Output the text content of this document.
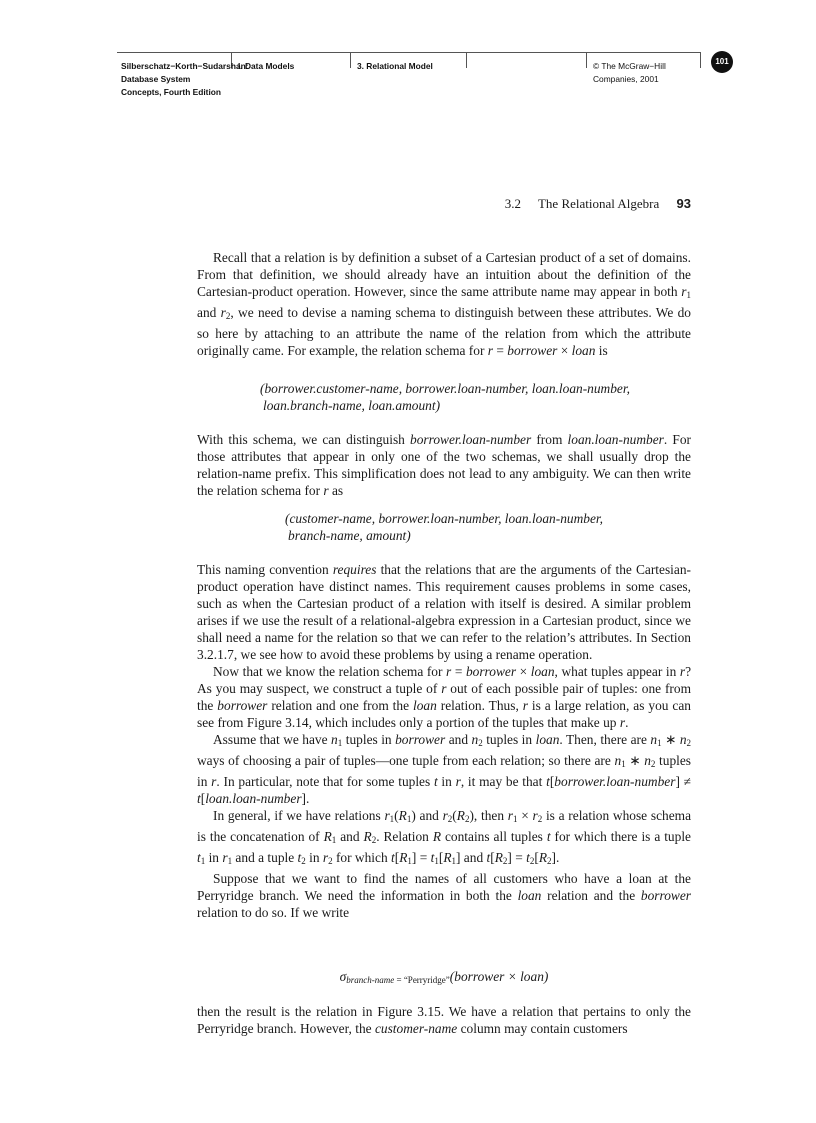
Silberschatz−Korth−Sudarshan:
Database System
Concepts, Fourth Edition
I. Data Models	3. Relational Model	© The McGraw−Hill
Companies, 2001
101
3.2 The Relational Algebra 93

Recall that a relation is by definition a subset of a Cartesian product of a set of domains. From that definition, we should already have an intuition about the definition of the Cartesian-product operation. However, since the same attribute name may appear in both $r_1$ and $r_2$, we need to devise a naming schema to distinguish between these attributes. We do so here by attaching to an attribute the name of the relation from which the attribute originally came. For example, the relation schema for r = borrower × loan is

(borrower.customer-name, borrower.loan-number, loan.loan-number,
loan.branch-name, loan.amount)

With this schema, we can distinguish borrower.loan-number from loan.loan-number. For those attributes that appear in only one of the two schemas, we shall usually drop the relation-name prefix. This simplification does not lead to any ambiguity. We can then write the relation schema for r as

(customer-name, borrower.loan-number, loan.loan-number,
branch-name, amount)

This naming convention requires that the relations that are the arguments of the Cartesian-product operation have distinct names. This requirement causes problems in some cases, such as when the Cartesian product of a relation with itself is desired. A similar problem arises if we use the result of a relational-algebra expression in a Cartesian product, since we shall need a name for the relation so that we can refer to the relation’s attributes. In Section 3.2.1.7, we see how to avoid these problems by using a rename operation.

Now that we know the relation schema for r = borrower × loan, what tuples appear in r? As you may suspect, we construct a tuple of r out of each possible pair of tuples: one from the borrower relation and one from the loan relation. Thus, r is a large relation, as you can see from Figure 3.14, which includes only a portion of the tuples that make up r.

Assume that we have $n_1$ tuples in borrower and $n_2$ tuples in loan. Then, there are $n_1$ ∗ $n_2$ ways of choosing a pair of tuples—one tuple from each relation; so there are $n_1$ ∗ $n_2$ tuples in r. In particular, note that for some tuples t in r, it may be that t[borrower.loan-number] ≠ t[loan.loan-number].

In general, if we have relations $r_1(R_1)$ and $r_2(R_2)$, then $r_1 \times r_2$ is a relation whose schema is the concatenation of $R_1$ and $R_2$. Relation R contains all tuples t for which there is a tuple $t_1$ in $r_1$ and a tuple $t_2$ in $r_2$ for which $t[R_1] = t_1[R_1]$ and $t[R_2] = t_2[R_2]$.

Suppose that we want to find the names of all customers who have a loan at the Perryridge branch. We need the information in both the loan relation and the borrower relation to do so. If we write

$\sigma_{branch-name = “Perryridge”}(borrower$ × loan)

then the result is the relation in Figure 3.15. We have a relation that pertains to only the Perryridge branch. However, the customer-name column may contain customers
